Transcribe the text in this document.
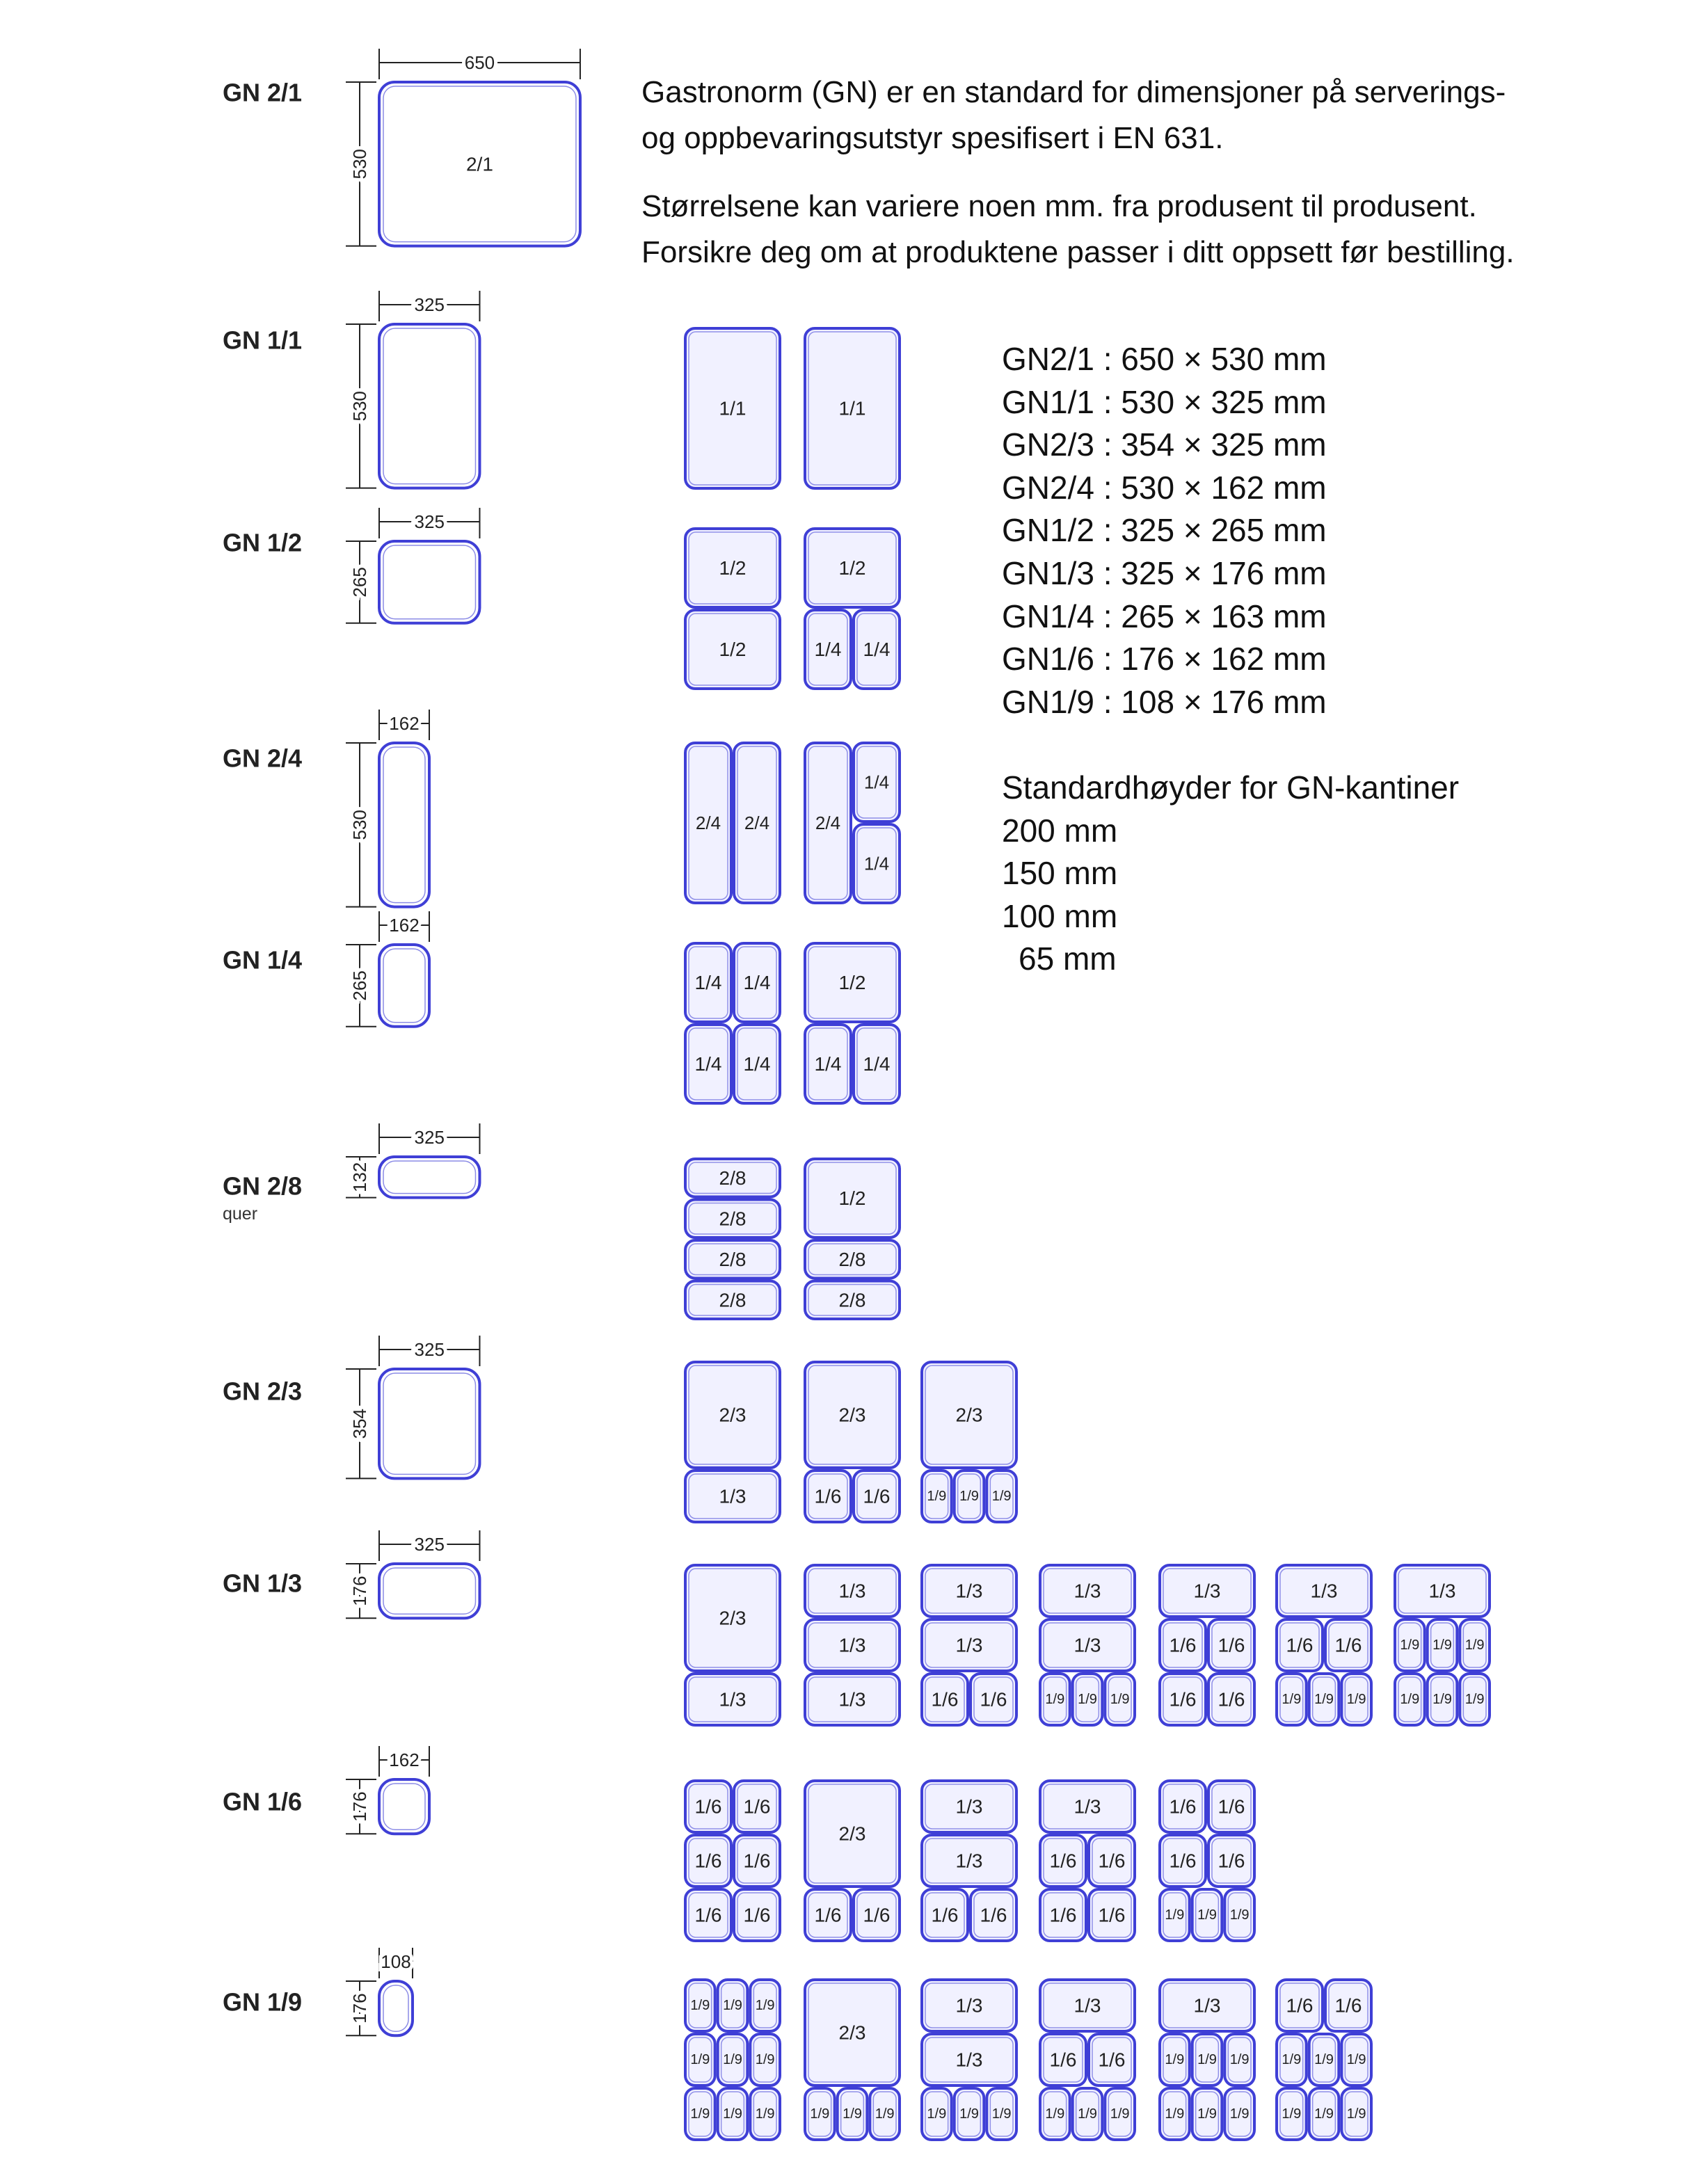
Gastronorm (GN) er en standard for dimensjoner på serverings-
og oppbevaringsutstyr spesifisert i EN 631.
Størrelsene kan variere noen mm. fra produsent til produsent.
Forsikre deg om at produktene passer i ditt oppsett før bestilling.
GN2/1 : 650 × 530 mm
GN1/1 : 530 × 325 mm
GN2/3 : 354 × 325 mm
GN2/4 : 530 × 162 mm
GN1/2 : 325 × 265 mm
GN1/3 : 325 × 176 mm
GN1/4 : 265 × 163 mm
GN1/6 : 176 × 162 mm
GN1/9 : 108 × 176 mm
Standardhøyder for GN-kantiner
200 mm
150 mm
100 mm
65 mm
GN 2/1
2/1
650
530
GN 1/1
325
530
GN 1/2
325
265
GN 2/4
162
530
GN 1/4
162
265
GN 2/8
quer
325
132
GN 2/3
325
354
GN 1/3
325
176
GN 1/6
162
176
GN 1/9
108
176
1/1	1/1
1/2
1/2
1/2
1/4 1/4
2/4 2/4	2/4
1/4
1/4
1/4 1/4
1/4 1/4
1/2
1/4 1/4
2/8
2/8
2/8
2/8
1/2
2/8
2/8
2/3
1/3
2/3
1/6 1/6
2/3
1/9 1/9 1/9
2/3
1/3
1/3
1/3
1/3
1/3
1/3
1/6 1/6
1/3
1/3
1/9 1/9 1/9
1/3
1/6 1/6
1/6 1/6
1/3
1/6 1/6
1/9 1/9 1/9
1/3
1/9 1/9 1/9
1/9 1/9 1/9
1/6 1/6
1/6 1/6
1/6 1/6
2/3
1/6 1/6
1/3
1/3
1/6 1/6
1/3
1/6 1/6
1/6 1/6
1/6 1/6
1/6 1/6
1/9 1/9 1/9
1/9 1/9 1/9
1/9 1/9 1/9
1/9 1/9 1/9
2/3
1/9 1/9 1/9
1/3
1/3
1/9 1/9 1/9
1/3
1/6 1/6
1/9 1/9 1/9
1/3
1/9 1/9 1/9
1/9 1/9 1/9
1/6 1/6
1/9 1/9 1/9
1/9 1/9 1/9
